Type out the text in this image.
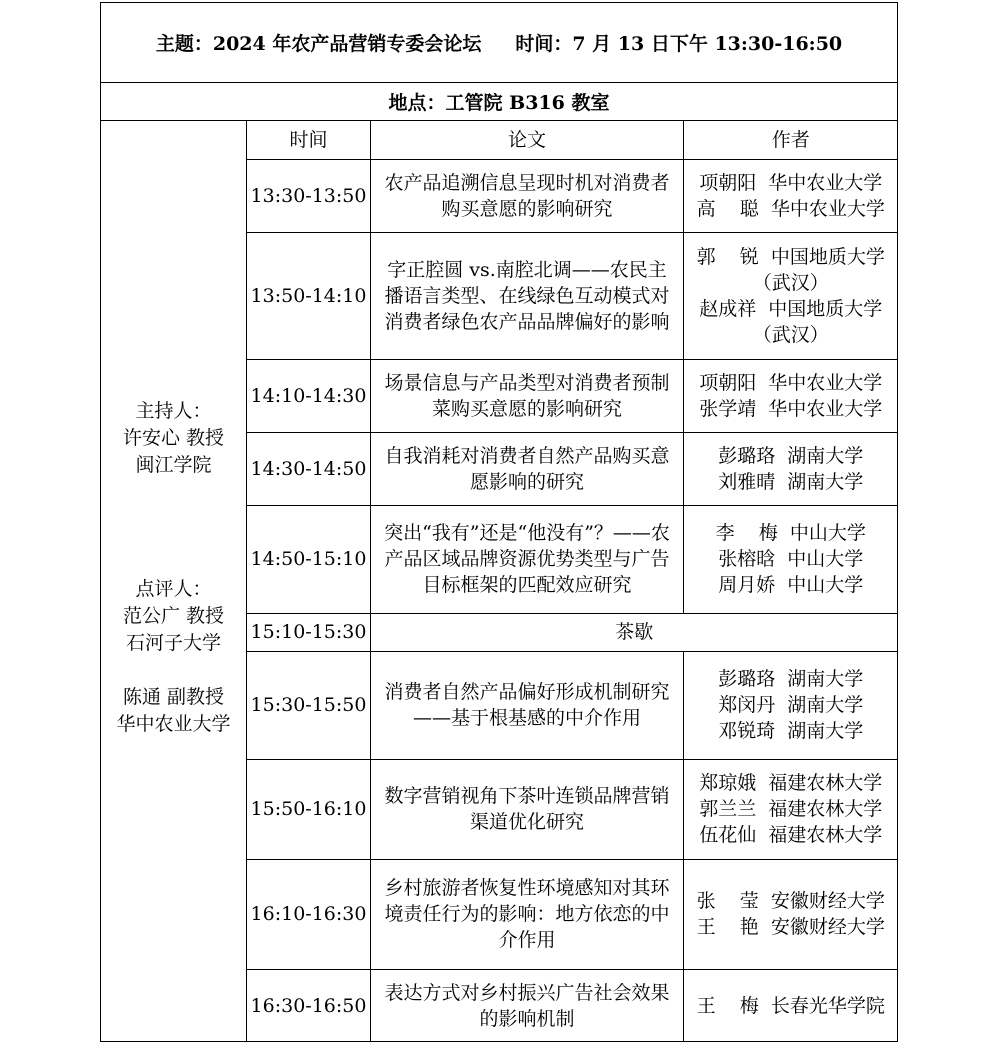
主题：2024 年农产品营销专委会论坛 时间：7 月 13 日下午 13:30-16:50
地点：工管院 B316 教室
主持人：
许安心 教授
闽江学院
点评人：
范公广 教授
石河子大学
陈通 副教授
华中农业大学
时间	论文	作者
13:30-13:50	农产品追溯信息呈现时机对消费者购买意愿的影响研究	项朝阳  华中农业大学
高    聪  华中农业大学

13:50-14:10	字正腔圆 vs.南腔北调——农民主播语言类型、在线绿色互动模式对消费者绿色农产品品牌偏好的影响	郭    锐  中国地质大学
（武汉）
赵成祥  中国地质大学
（武汉）

14:10-14:30	场景信息与产品类型对消费者预制菜购买意愿的影响研究	项朝阳  华中农业大学
张学靖  华中农业大学

14:30-14:50	自我消耗对消费者自然产品购买意愿影响的研究	彭璐珞  湖南大学
刘雅晴  湖南大学

14:50-15:10	突出“我有”还是“他没有”？——农产品区域品牌资源优势类型与广告目标框架的匹配效应研究	李    梅  中山大学
张榕晗  中山大学
周月娇  中山大学

15:10-15:30	茶歇	
15:30-15:50	消费者自然产品偏好形成机制研究——基于根基感的中介作用	彭璐珞  湖南大学
郑闵丹  湖南大学
邓锐琦  湖南大学

15:50-16:10	数字营销视角下茶叶连锁品牌营销渠道优化研究	郑琼娥  福建农林大学
郭兰兰  福建农林大学
伍花仙  福建农林大学

16:10-16:30	乡村旅游者恢复性环境感知对其环境责任行为的影响：地方依恋的中介作用	张    莹  安徽财经大学
王    艳  安徽财经大学

16:30-16:50	表达方式对乡村振兴广告社会效果的影响机制	王    梅  长春光华学院
